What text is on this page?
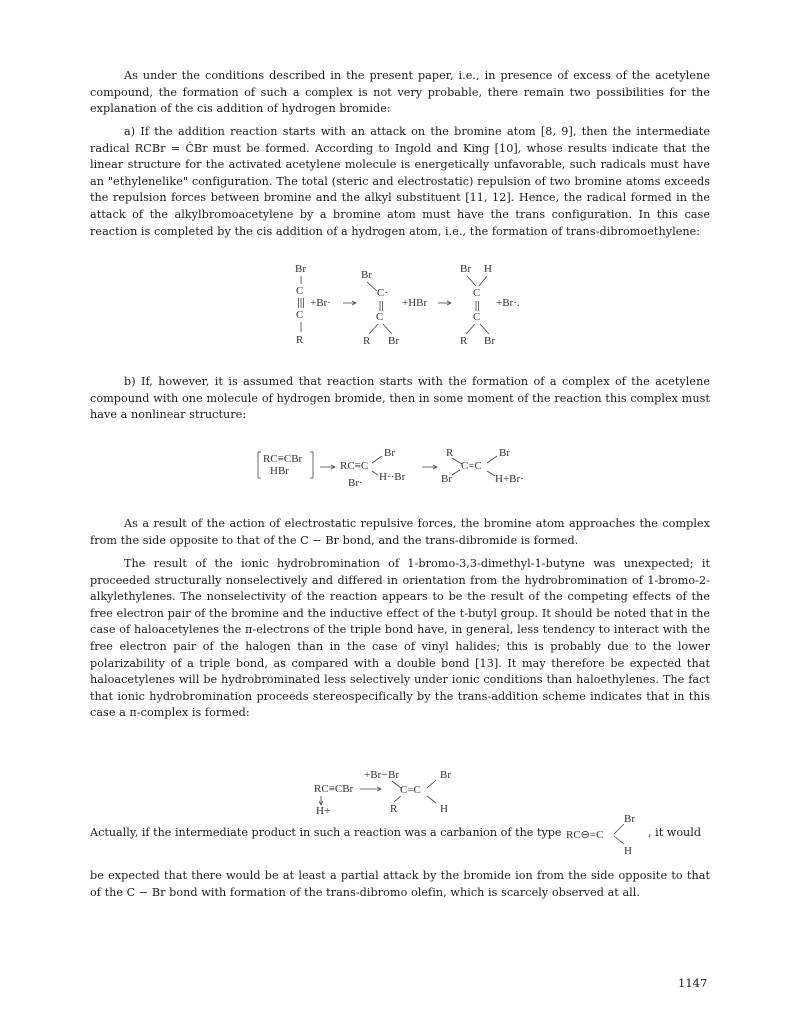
As under the conditions described in the present paper, i.e., in presence of excess of the acetylene compound, the formation of such a complex is not very probable, there remain two possibilities for the explanation of the cis addition of hydrogen bromide:

a) If the addition reaction starts with an attack on the bromine atom [8, 9], then the intermediate radical RCBr = ĊBr must be formed. According to Ingold and King [10], whose results indicate that the linear structure for the activated acetylene molecule is energetically unfavorable, such radicals must have an "ethylenelike" configuration. The total (steric and electrostatic) repulsion of two bromine atoms exceeds the repulsion forces between bromine and the alkyl substituent [11, 12]. Hence, the radical formed in the attack of the alkylbromoacetylene by a bromine atom must have the trans configuration. In this case reaction is completed by the cis addition of a hydrogen atom, i.e., the formation of trans-dibromoethylene:

Br
C
C
R
+Br·
Br
C·
C
R Br
+HBr
Br H
C
C
R Br
+Br·.

b) If, however, it is assumed that reaction starts with the formation of a complex of the acetylene compound with one molecule of hydrogen bromide, then in some moment of the reaction this complex must have a nonlinear structure:

RC≡CBr
HBr	RC≡C
Br
H··Br
Br·
R
C=C
Br
Br	H+Br·

As a result of the action of electrostatic repulsive forces, the bromine atom approaches the complex from the side opposite to that of the C − Br bond, and the trans-dibromide is formed.

The result of the ionic hydrobromination of 1-bromo-3,3-dimethyl-1-butyne was unexpected; it proceeded structurally nonselectively and differed in orientation from the hydrobromination of 1-bromo-2-alkylethylenes. The nonselectivity of the reaction appears to be the result of the competing effects of the free electron pair of the bromine and the inductive effect of the t-butyl group. It should be noted that in the case of haloacetylenes the π-electrons of the triple bond have, in general, less tendency to interact with the free electron pair of the halogen than in the case of vinyl halides; this is probably due to the lower polarizability of a triple bond, as compared with a double bond [13]. It may therefore be expected that haloacetylenes will be hydrobrominated less selectively under ionic conditions than haloethylenes. The fact that ionic hydrobromination proceeds stereospecifically by the trans-addition scheme indicates that in this case a π-complex is formed:

+Br−
RC≡CBr
H+
Br
C=C
Br
R	H

Actually, if the intermediate product in such a reaction was a carbanion of the type RC⊖=C
Br
H

, it would

be expected that there would be at least a partial attack by the bromide ion from the side opposite to that of the C − Br bond with formation of the trans-dibromo olefin, which is scarcely observed at all.

1147
